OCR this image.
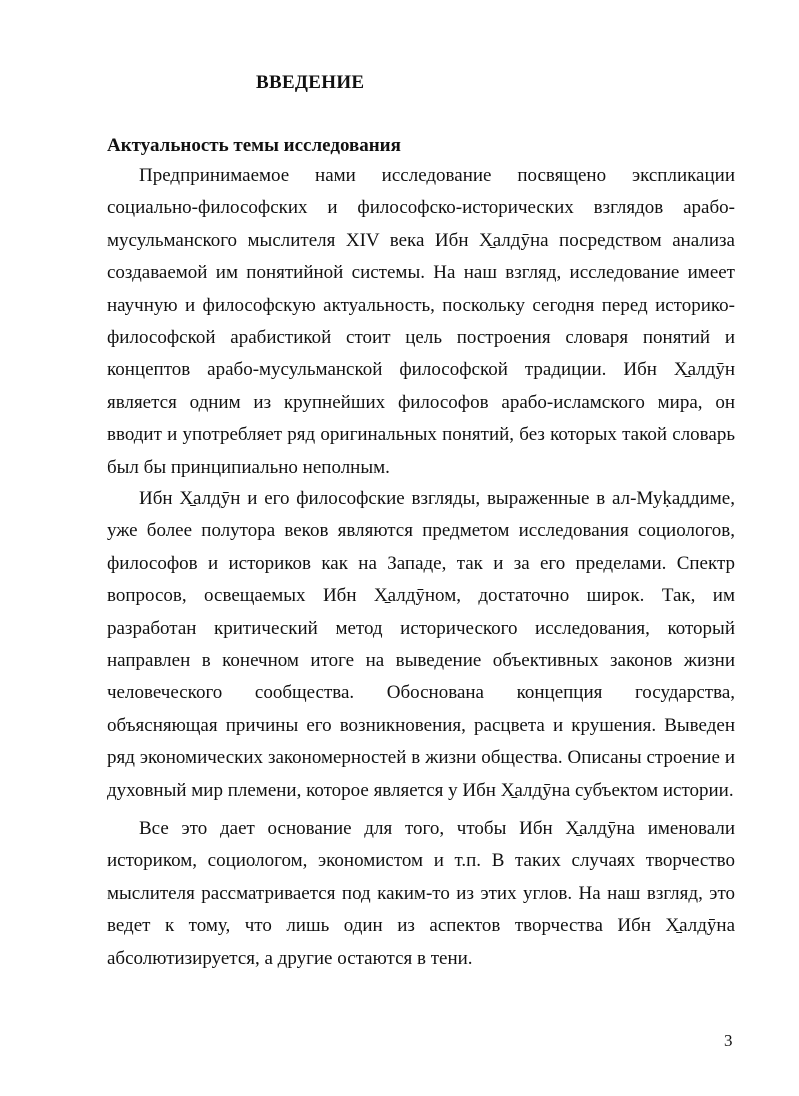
ВВЕДЕНИЕ
Актуальность темы исследования

Предпринимаемое нами исследование посвящено экспликации социально-философских и философско-исторических взглядов арабо-мусульманского мыслителя XIV века Ибн Х̱алдӯна посредством анализа создаваемой им понятийной системы. На наш взгляд, исследование имеет научную и философскую актуальность, поскольку сегодня перед историко-философской арабистикой стоит цель построения словаря понятий и концептов арабо-мусульманской философской традиции. Ибн Х̱алдӯн является одним из крупнейших философов арабо-исламского мира, он вводит и употребляет ряд оригинальных понятий, без которых такой словарь был бы принципиально неполным.

Ибн Х̱алдӯн и его философские взгляды, выраженные в ал-Муḳаддиме, уже более полутора веков являются предметом исследования социологов, философов и историков как на Западе, так и за его пределами. Спектр вопросов, освещаемых Ибн Х̱алдӯном, достаточно широк. Так, им разработан критический метод исторического исследования, который направлен в конечном итоге на выведение объективных законов жизни человеческого сообщества. Обоснована концепция государства, объясняющая причины его возникновения, расцвета и крушения. Выведен ряд экономических закономерностей в жизни общества. Описаны строение и духовный мир племени, которое является у Ибн Х̱алдӯна субъектом истории.

Все это дает основание для того, чтобы Ибн Х̱алдӯна именовали историком, социологом, экономистом и т.п. В таких случаях творчество мыслителя рассматривается под каким-то из этих углов. На наш взгляд, это ведет к тому, что лишь один из аспектов творчества Ибн Х̱алдӯна абсолютизируется, а другие остаются в тени.

3
